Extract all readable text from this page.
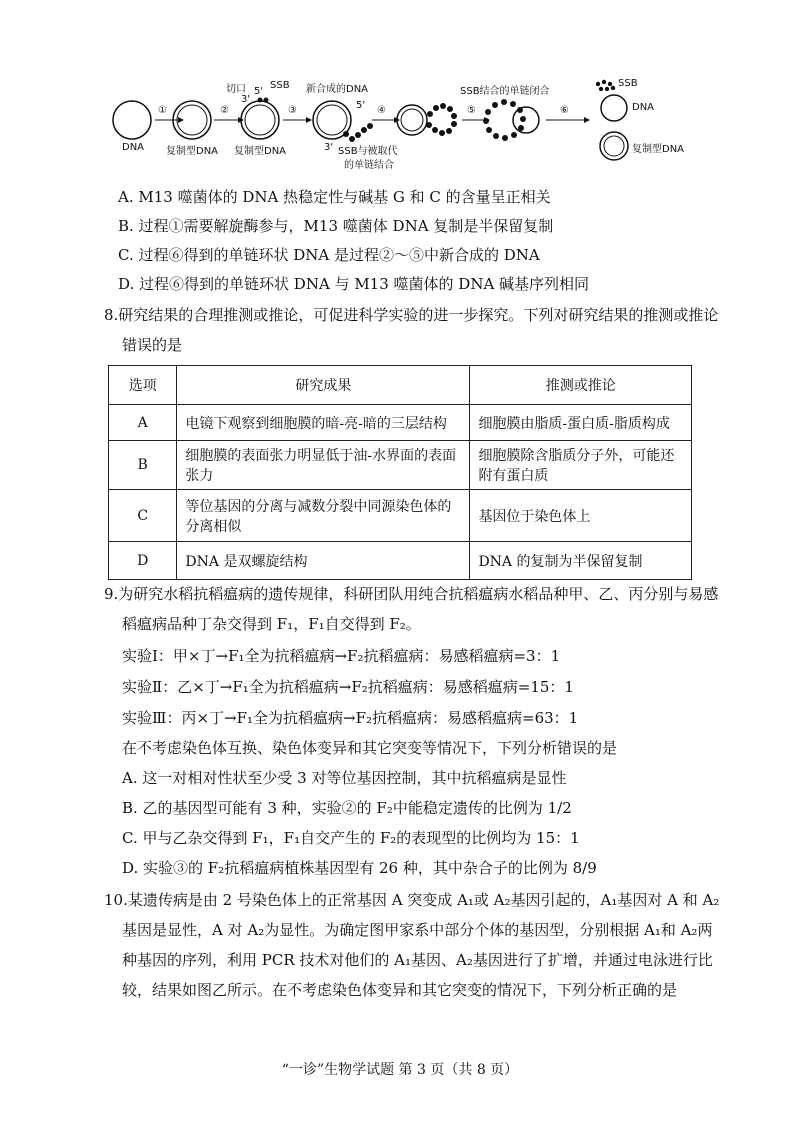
DNA
①
复制型DNA
②
复制型DNA
切口 5'
SSB
3'
③
新合成的DNA
5'
3' SSB与被取代
的单链结合
④	⑤
SSB结合的单链闭合
⑥
SSB
DNA
复制型DNA
A. M13 噬菌体的 DNA 热稳定性与碱基 G 和 C 的含量呈正相关
B. 过程①需要解旋酶参与，M13 噬菌体 DNA 复制是半保留复制
C. 过程⑥得到的单链环状 DNA 是过程②～⑤中新合成的 DNA
D. 过程⑥得到的单链环状 DNA 与 M13 噬菌体的 DNA 碱基序列相同
8.研究结果的合理推测或推论，可促进科学实验的进一步探究。下列对研究结果的推测或推论
错误的是
选项	研究成果	推测或推论
A	电镜下观察到细胞膜的暗-亮-暗的三层结构	细胞膜由脂质-蛋白质-脂质构成
B	细胞膜的表面张力明显低于油-水界面的表面张力	细胞膜除含脂质分子外，可能还附有蛋白质
C	等位基因的分离与减数分裂中同源染色体的分离相似	基因位于染色体上
D	DNA 是双螺旋结构	DNA 的复制为半保留复制
9.为研究水稻抗稻瘟病的遗传规律，科研团队用纯合抗稻瘟病水稻品种甲、乙、丙分别与易感
稻瘟病品种丁杂交得到 F₁，F₁自交得到 F₂。
实验Ⅰ：甲×丁→F₁全为抗稻瘟病→F₂抗稻瘟病：易感稻瘟病=3：1
实验Ⅱ：乙×丁→F₁全为抗稻瘟病→F₂抗稻瘟病：易感稻瘟病=15：1
实验Ⅲ：丙×丁→F₁全为抗稻瘟病→F₂抗稻瘟病：易感稻瘟病=63：1
在不考虑染色体互换、染色体变异和其它突变等情况下，下列分析错误的是
A. 这一对相对性状至少受 3 对等位基因控制，其中抗稻瘟病是显性
B. 乙的基因型可能有 3 种，实验②的 F₂中能稳定遗传的比例为 1/2
C. 甲与乙杂交得到 F₁，F₁自交产生的 F₂的表现型的比例均为 15：1
D. 实验③的 F₂抗稻瘟病植株基因型有 26 种，其中杂合子的比例为 8/9
10.某遗传病是由 2 号染色体上的正常基因 A 突变成 A₁或 A₂基因引起的，A₁基因对 A 和 A₂
基因是显性，A 对 A₂为显性。为确定图甲家系中部分个体的基因型，分别根据 A₁和 A₂两
种基因的序列，利用 PCR 技术对他们的 A₁基因、A₂基因进行了扩增，并通过电泳进行比
较，结果如图乙所示。在不考虑染色体变异和其它突变的情况下，下列分析正确的是
“一诊”生物学试题 第 3 页（共 8 页）
